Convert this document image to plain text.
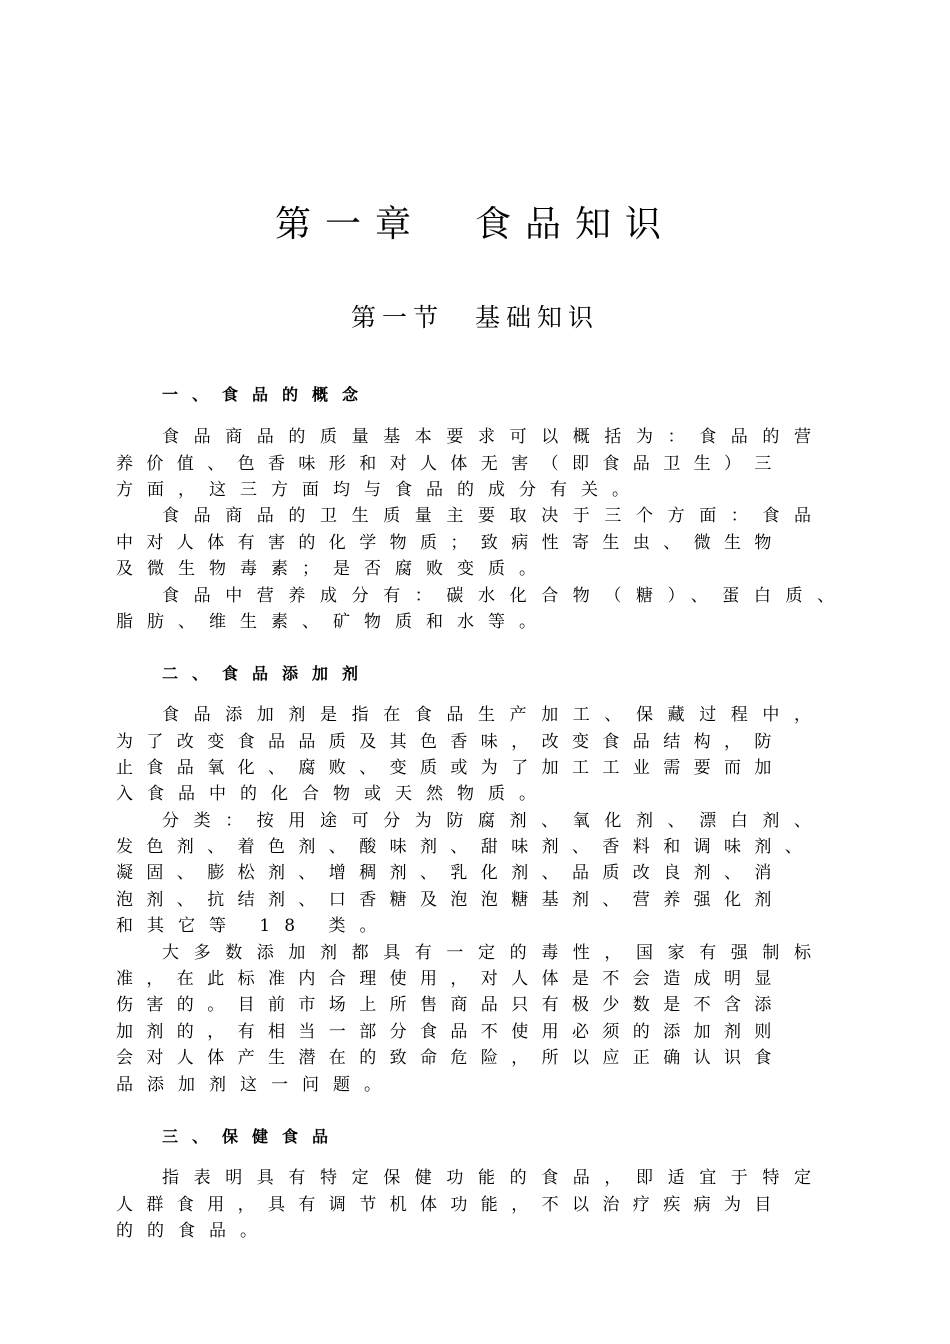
第一章　食品知识
第一节　基础知识
一、食品的概念
食品商品的质量基本要求可以概括为：食品的营
养价值、色香味形和对人体无害（即食品卫生）三
方面，这三方面均与食品的成分有关。
食品商品的卫生质量主要取决于三个方面：食品
中对人体有害的化学物质；致病性寄生虫、微生物
及微生物毒素；是否腐败变质。
食品中营养成分有：碳水化合物（糖）、蛋白质、
脂肪、维生素、矿物质和水等。
二、食品添加剂
食品添加剂是指在食品生产加工、保藏过程中，
为了改变食品品质及其色香味，改变食品结构，防
止食品氧化、腐败、变质或为了加工工业需要而加
入食品中的化合物或天然物质。
分类：按用途可分为防腐剂、氧化剂、漂白剂、
发色剂、着色剂、酸味剂、甜味剂、香料和调味剂、
凝固、膨松剂、增稠剂、乳化剂、品质改良剂、消
泡剂、抗结剂、口香糖及泡泡糖基剂、营养强化剂
和其它等 18 类。
大多数添加剂都具有一定的毒性，国家有强制标
准，在此标准内合理使用，对人体是不会造成明显
伤害的。目前市场上所售商品只有极少数是不含添
加剂的，有相当一部分食品不使用必须的添加剂则
会对人体产生潜在的致命危险，所以应正确认识食
品添加剂这一问题。
三、保健食品
指表明具有特定保健功能的食品，即适宜于特定
人群食用，具有调节机体功能，不以治疗疾病为目
的的食品。
